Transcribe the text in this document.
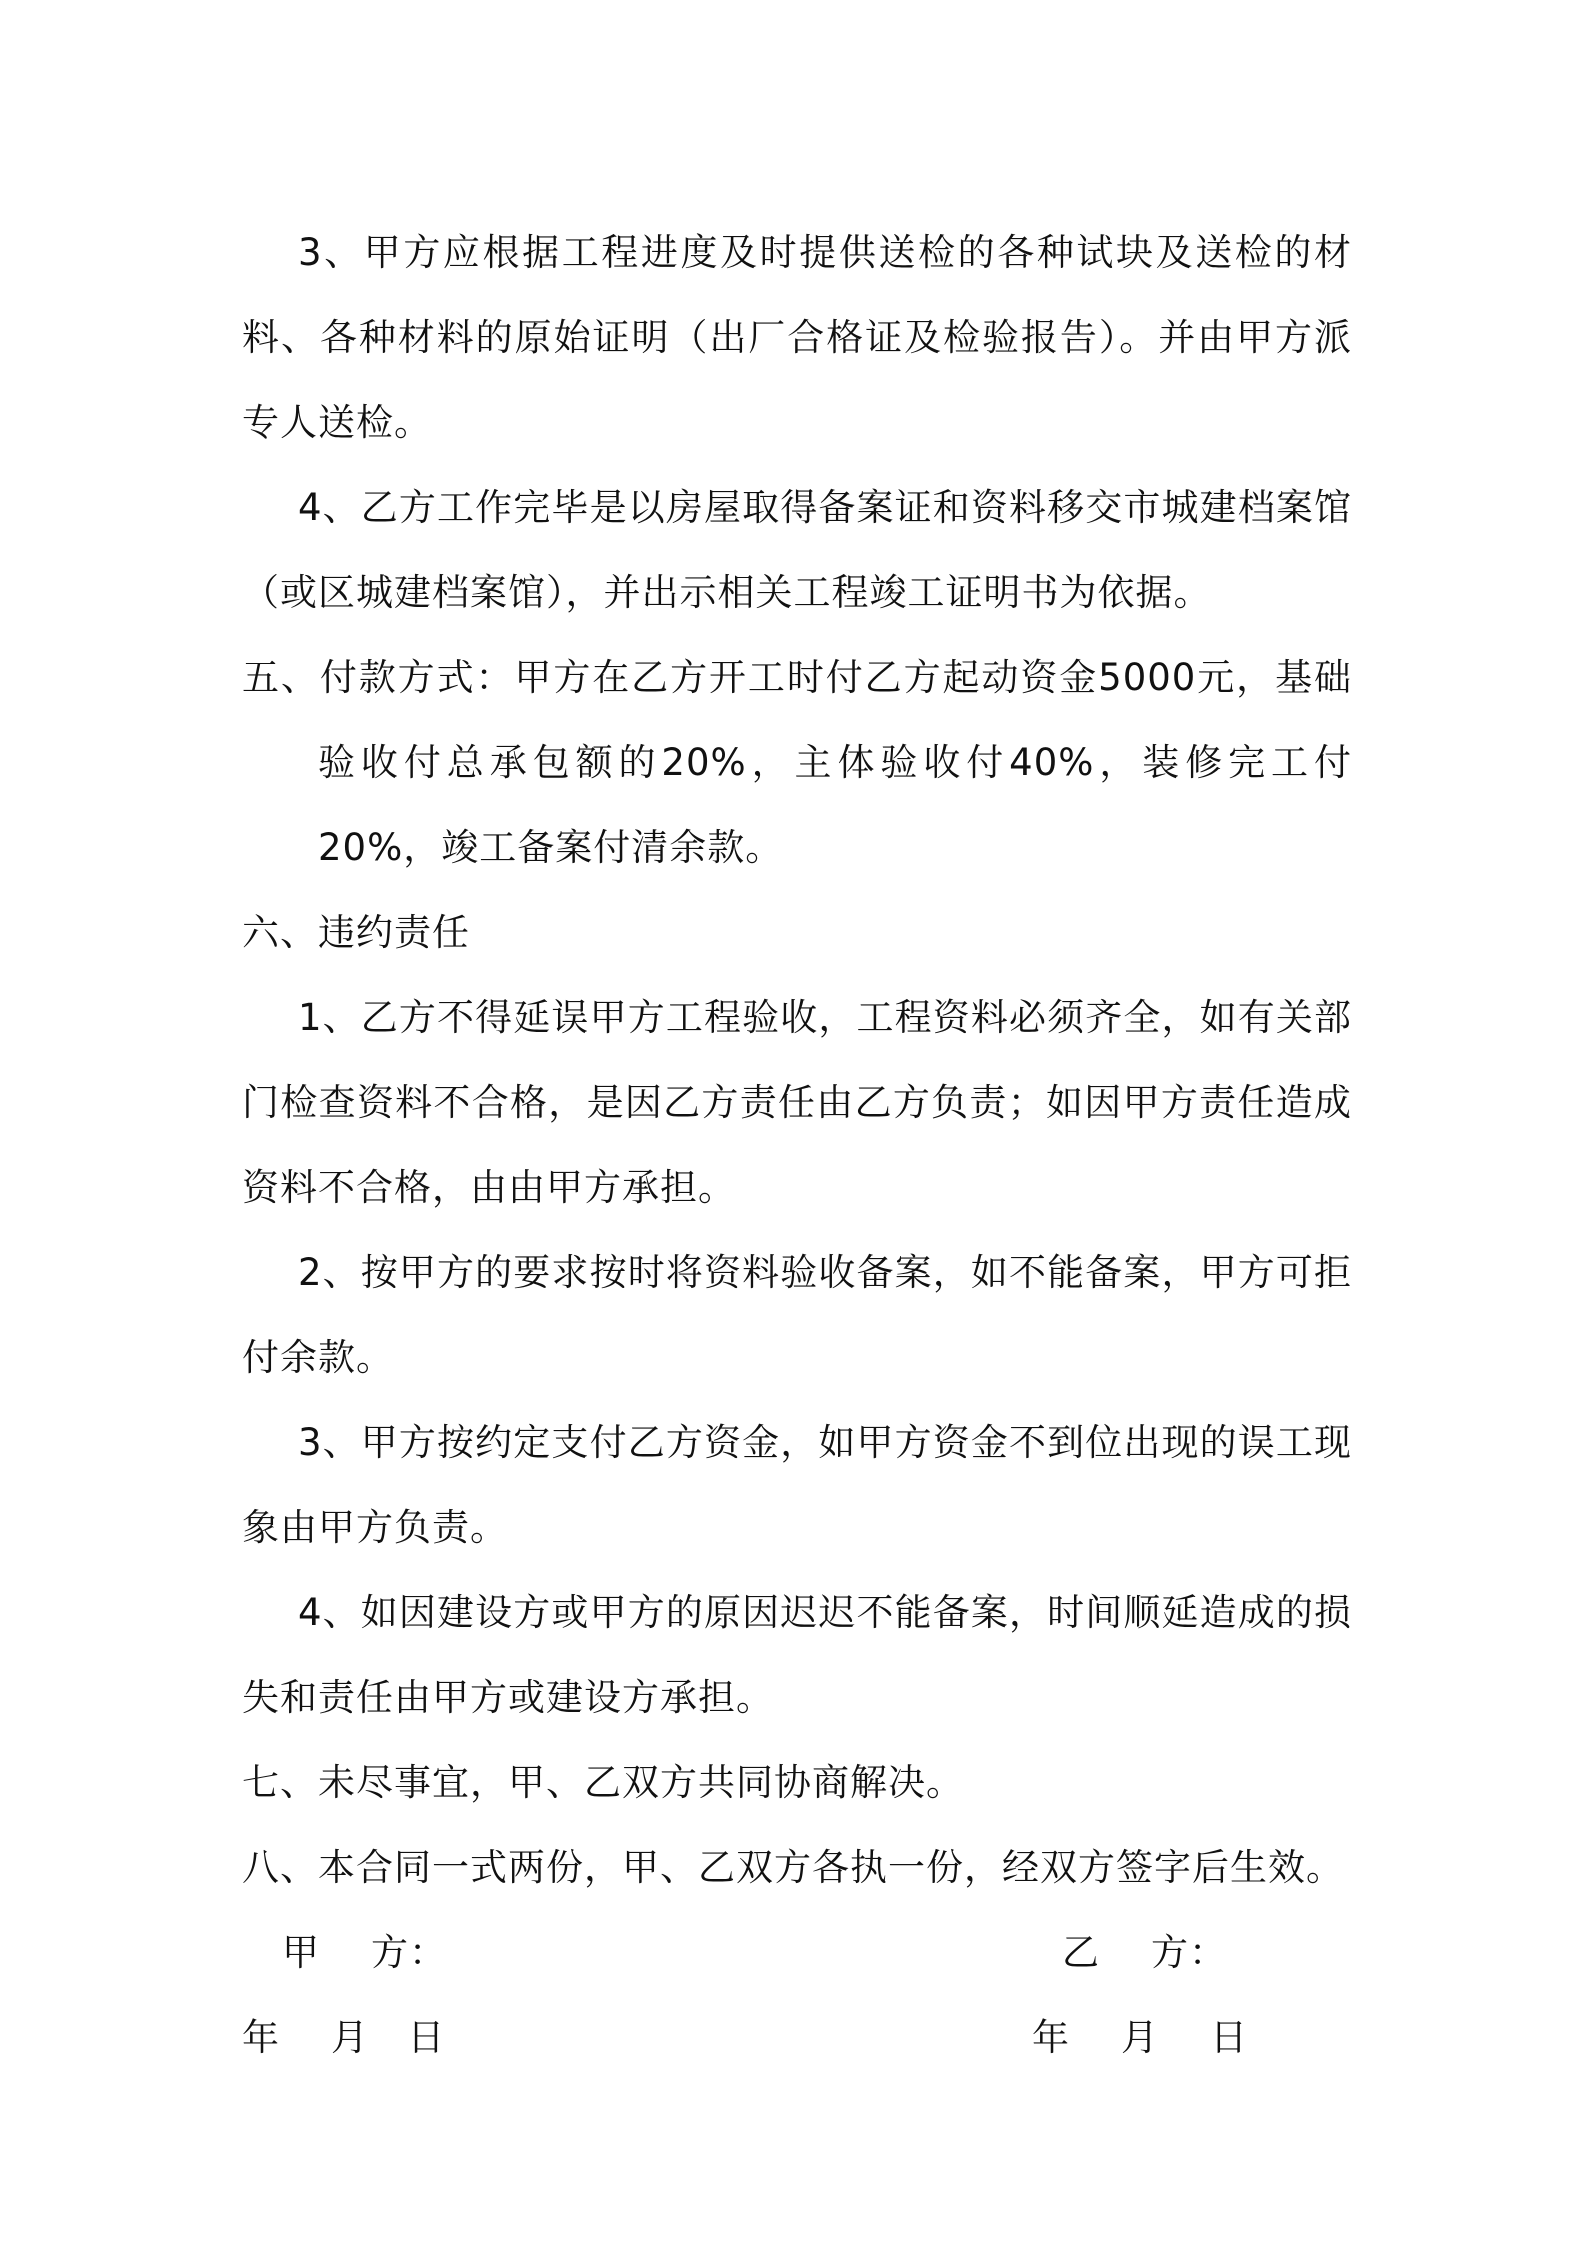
3、甲方应根据工程进度及时提供送检的各种试块及送检的材料、各种材料的原始证明（出厂合格证及检验报告）。并由甲方派专人送检。

4、乙方工作完毕是以房屋取得备案证和资料移交市城建档案馆（或区城建档案馆），并出示相关工程竣工证明书为依据。

五、付款方式：甲方在乙方开工时付乙方起动资金5000元，基础验收付总承包额的20%，主体验收付40%，装修完工付20%，竣工备案付清余款。

六、违约责任

1、乙方不得延误甲方工程验收，工程资料必须齐全，如有关部门检查资料不合格，是因乙方责任由乙方负责；如因甲方责任造成资料不合格，由由甲方承担。

2、按甲方的要求按时将资料验收备案，如不能备案，甲方可拒付余款。

3、甲方按约定支付乙方资金，如甲方资金不到位出现的误工现象由甲方负责。

4、如因建设方或甲方的原因迟迟不能备案，时间顺延造成的损失和责任由甲方或建设方承担。

七、未尽事宜，甲、乙双方共同协商解决。

八、本合同一式两份，甲、乙双方各执一份，经双方签字后生效。

甲    方：	乙    方：
年    月   日	年    月    日
